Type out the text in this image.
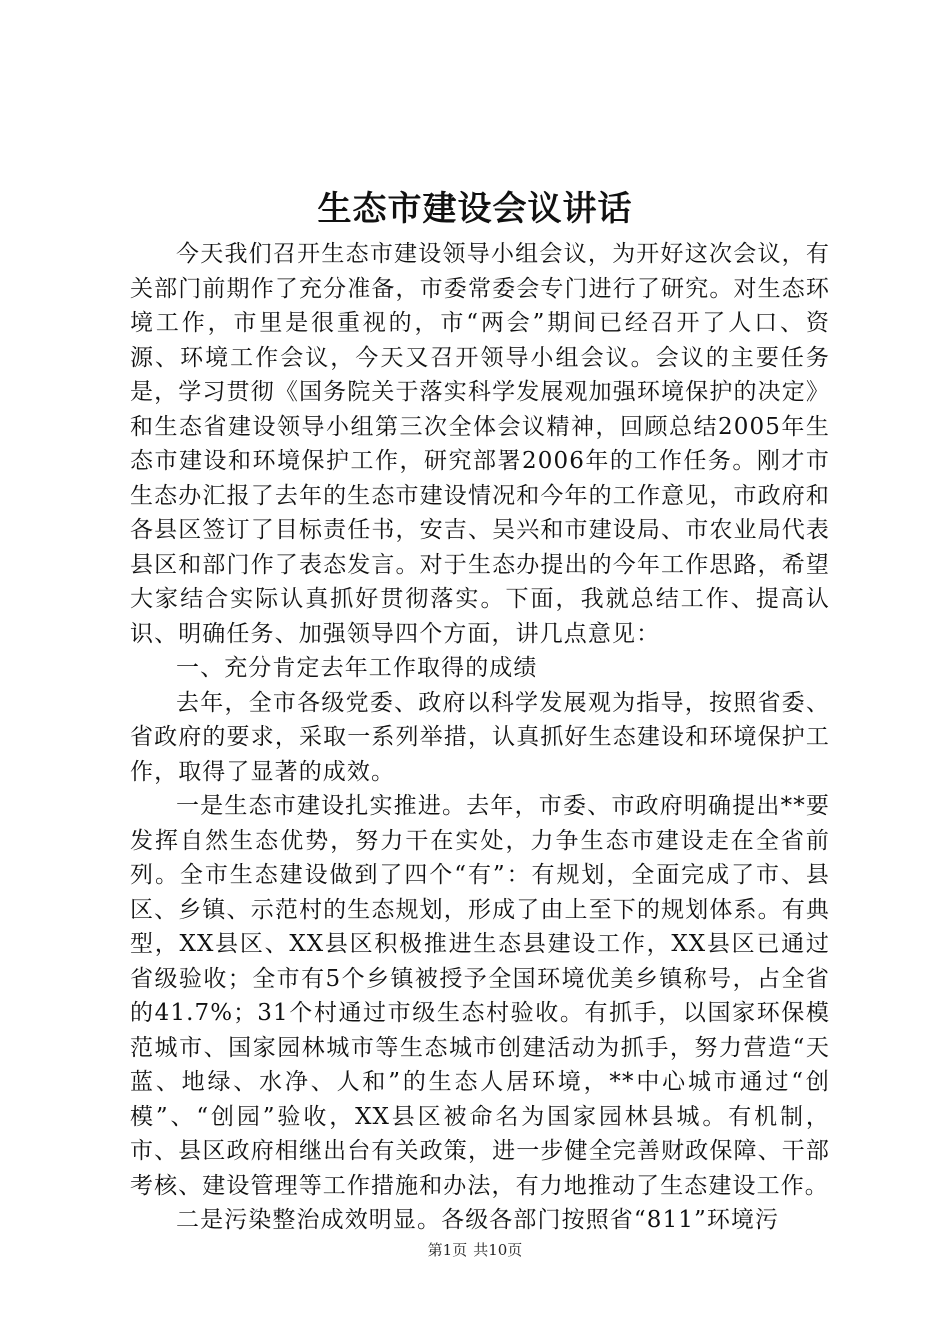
生态市建设会议讲话

今天我们召开生态市建设领导小组会议，为开好这次会议，有关部门前期作了充分准备，市委常委会专门进行了研究。对生态环境工作，市里是很重视的，市“两会”期间已经召开了人口、资源、环境工作会议，今天又召开领导小组会议。会议的主要任务是，学习贯彻《国务院关于落实科学发展观加强环境保护的决定》和生态省建设领导小组第三次全体会议精神，回顾总结2005年生态市建设和环境保护工作，研究部署2006年的工作任务。刚才市生态办汇报了去年的生态市建设情况和今年的工作意见，市政府和各县区签订了目标责任书，安吉、吴兴和市建设局、市农业局代表县区和部门作了表态发言。对于生态办提出的今年工作思路，希望大家结合实际认真抓好贯彻落实。下面，我就总结工作、提高认识、明确任务、加强领导四个方面，讲几点意见：

一、充分肯定去年工作取得的成绩

去年，全市各级党委、政府以科学发展观为指导，按照省委、省政府的要求，采取一系列举措，认真抓好生态建设和环境保护工作，取得了显著的成效。

一是生态市建设扎实推进。去年，市委、市政府明确提出**要发挥自然生态优势，努力干在实处，力争生态市建设走在全省前列。全市生态建设做到了四个“有”：有规划，全面完成了市、县区、乡镇、示范村的生态规划，形成了由上至下的规划体系。有典型，XX县区、XX县区积极推进生态县建设工作，XX县区已通过省级验收；全市有5个乡镇被授予全国环境优美乡镇称号，占全省的41.7%；31个村通过市级生态村验收。有抓手，以国家环保模范城市、国家园林城市等生态城市创建活动为抓手，努力营造“天蓝、地绿、水净、人和”的生态人居环境，**中心城市通过“创模”、“创园”验收，XX县区被命名为国家园林县城。有机制，市、县区政府相继出台有关政策，进一步健全完善财政保障、干部考核、建设管理等工作措施和办法，有力地推动了生态建设工作。

二是污染整治成效明显。各级各部门按照省“811”环境污

第1页 共10页
